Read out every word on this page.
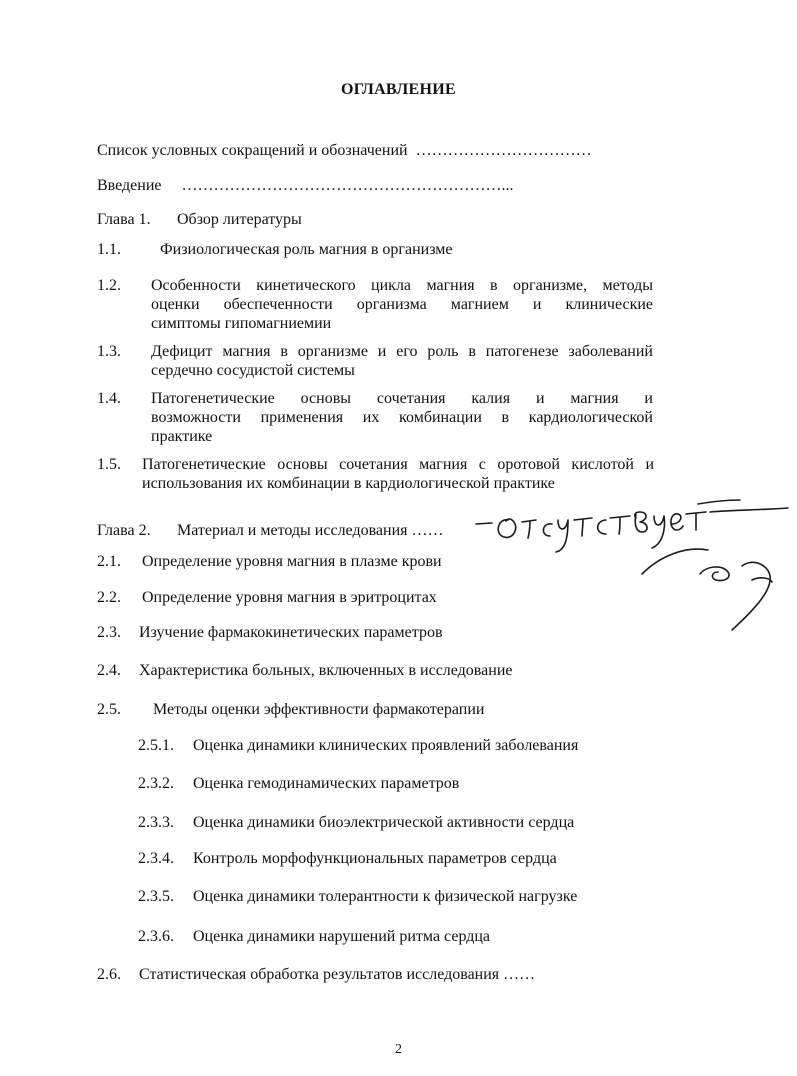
ОГЛАВЛЕНИЕ
Список условных сокращений и обозначений ……………………………
Введение ……………………………………………………...
Глава 1. Обзор литературы
1.1. Физиологическая роль магния в организме
1.2. Особенности кинетического цикла магния в организме, методы
оценки обеспеченности организма магнием и клинические
симптомы гипомагниемии
1.3. Дефицит магния в организме и его роль в патогенезе заболеваний
сердечно сосудистой системы
1.4. Патогенетические основы сочетания калия и магния и
возможности применения их комбинации в кардиологической
практике
1.5. Патогенетические основы сочетания магния с оротовой кислотой и
использования их комбинации в кардиологической практике
Глава 2. Материал и методы исследования ……
2.1. Определение уровня магния в плазме крови
2.2. Определение уровня магния в эритроцитах
2.3. Изучение фармакокинетических параметров
2.4. Характеристика больных, включенных в исследование
2.5. Методы оценки эффективности фармакотерапии
2.5.1. Оценка динамики клинических проявлений заболевания
2.3.2. Оценка гемодинамических параметров
2.3.3. Оценка динамики биоэлектрической активности сердца
2.3.4. Контроль морфофункциональных параметров сердца
2.3.5. Оценка динамики толерантности к физической нагрузке
2.3.6. Оценка динамики нарушений ритма сердца
2.6. Статистическая обработка результатов исследования ……
2
